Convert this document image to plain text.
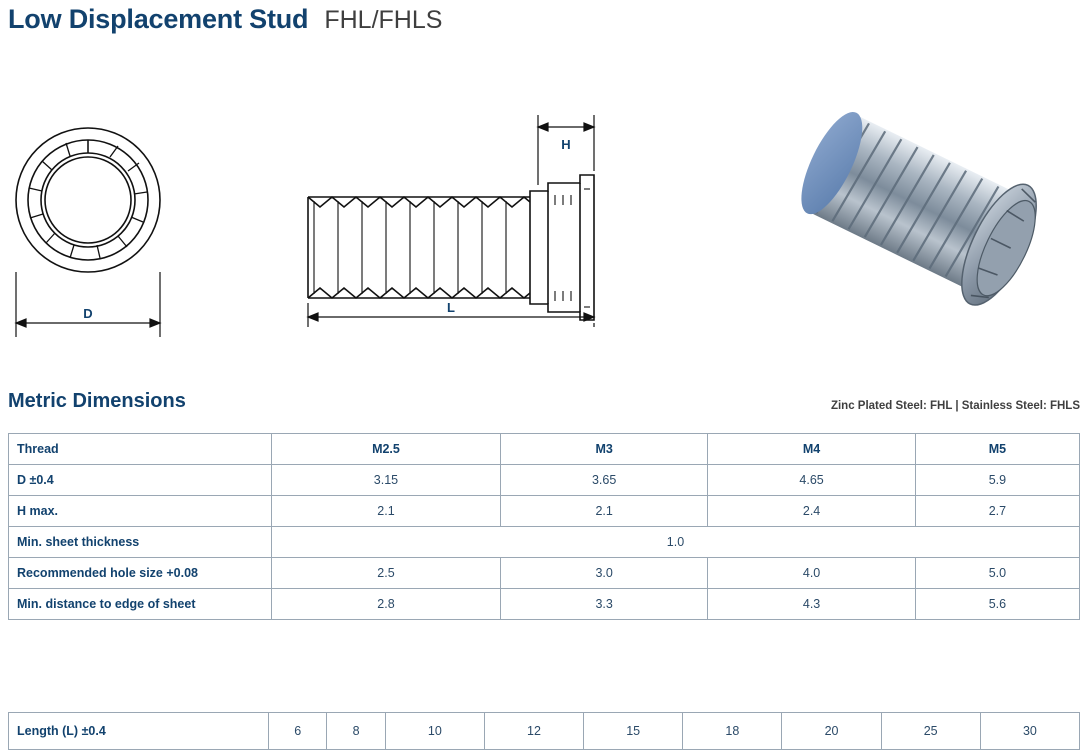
Low Displacement Stud FHL/FHLS
D
H
L
Metric Dimensions	Zinc Plated Steel: FHL | Stainless Steel: FHLS
Thread	M2.5	M3	M4	M5
D ±0.4	3.15	3.65	4.65	5.9
H max.	2.1	2.1	2.4	2.7
Min. sheet thickness	1.0			
Recommended hole size +0.08	2.5	3.0	4.0	5.0
Min. distance to edge of sheet	2.8	3.3	4.3	5.6
Length (L) ±0.4	6	8	10	12	15	18	20	25	30
